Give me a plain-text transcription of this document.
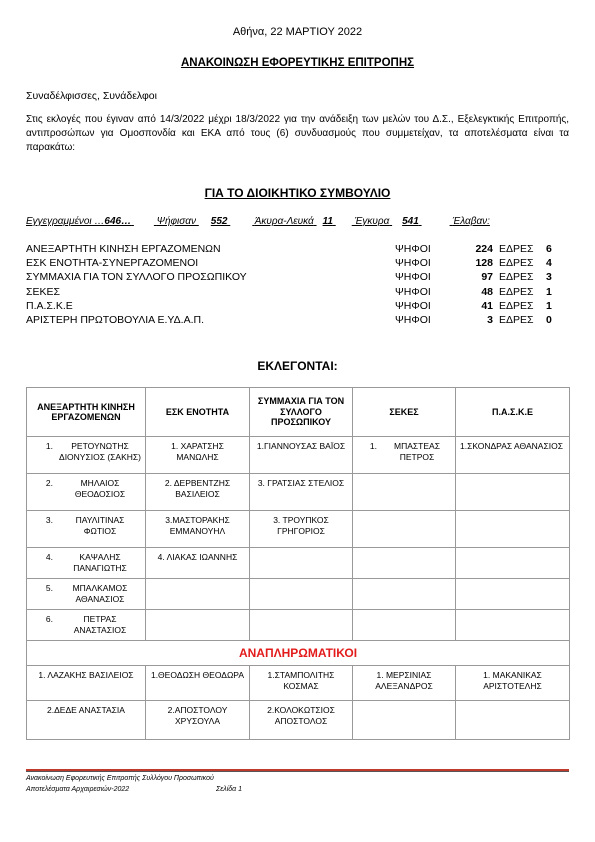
Αθήνα, 22 ΜΑΡΤΙΟΥ 2022
ΑΝΑΚΟΙΝΩΣΗ ΕΦΟΡΕΥΤΙΚΗΣ ΕΠΙΤΡΟΠΗΣ
Συναδέλφισσες, Συνάδελφοι
Στις εκλογές που έγιναν από 14/3/2022 μέχρι 18/3/2022 για την ανάδειξη των μελών του Δ.Σ., Εξελεγκτικής Επιτροπής, αντιπροσώπων για Ομοσπονδία και ΕΚΑ από τους (6) συνδυασμούς που συμμετείχαν, τα αποτελέσματα είναι τα παρακάτω:
ΓΙΑ ΤΟ ΔΙΟΙΚΗΤΙΚΟ ΣΥΜΒΟΥΛΙΟ
Εγγεγραμμένοι …646…	Ψήφισαν 552	Άκυρα-Λευκά 11 Έγκυρα 541	Έλαβαν:
ΑΝΕΞΑΡΤΗΤΗ ΚΙΝΗΣΗ ΕΡΓΑΖΟΜΕΝΩΝ	ΨΗΦΟΙ	224 ΕΔΡΕΣ 6
ΕΣΚ ΕΝΟΤΗΤΑ-ΣΥΝΕΡΓΑΖΟΜΕΝΟΙ	ΨΗΦΟΙ	128 ΕΔΡΕΣ 4
ΣΥΜΜΑΧΙΑ ΓΙΑ ΤΟΝ ΣΥΛΛΟΓΟ ΠΡΟΣΩΠΙΚΟΥ	ΨΗΦΟΙ	97 ΕΔΡΕΣ 3
ΣΕΚΕΣ	ΨΗΦΟΙ	48 ΕΔΡΕΣ 1
Π.Α.Σ.Κ.Ε	ΨΗΦΟΙ	41 ΕΔΡΕΣ 1
ΑΡΙΣΤΕΡΗ ΠΡΩΤΟΒΟΥΛΙΑ Ε.ΥΔ.Α.Π.	ΨΗΦΟΙ	3 ΕΔΡΕΣ 0
ΕΚΛΕΓΟΝΤΑΙ:
ΑΝΕΞΑΡΤΗΤΗ ΚΙΝΗΣΗ ΕΡΓΑΖΟΜΕΝΩΝ	ΕΣΚ ΕΝΟΤΗΤΑ	ΣΥΜΜΑΧΙΑ ΓΙΑ ΤΟΝ ΣΥΛΛΟΓΟ ΠΡΟΣΩΠΙΚΟΥ	ΣΕΚΕΣ	Π.Α.Σ.Κ.Ε

1. ΡΕΤΟΥΝΩΤΗΣ ΔΙΟΝΥΣΙΟΣ (ΣΑΚΗΣ)	1. ΧΑΡΑΤΣΗΣ ΜΑΝΩΛΗΣ	1.ΓΙΑΝΝΟΥΣΑΣ ΒΑΪΟΣ	1. ΜΠΑΣΤΕΑΣ ΠΕΤΡΟΣ	1.ΣΚΟΝΔΡΑΣ ΑΘΑΝΑΣΙΟΣ

2. ΜΗΛΑΙΟΣ ΘΕΟΔΟΣΙΟΣ	2. ΔΕΡΒΕΝΤΖΗΣ ΒΑΣΙΛΕΙΟΣ	3. ΓΡΑΤΣΙΑΣ ΣΤΕΛΙΟΣ		

3. ΠΑΥΛΙΤΙΝΑΣ ΦΩΤΙΟΣ	3.ΜΑΣΤΟΡΑΚΗΣ ΕΜΜΑΝΟΥΗΛ	3. ΤΡΟΥΠΚΟΣ ΓΡΗΓΟΡΙΟΣ		

4. ΚΑΨΑΛΗΣ ΠΑΝΑΓΙΩΤΗΣ	4. ΛΙΑΚΑΣ ΙΩΑΝΝΗΣ			

5. ΜΠΑΛΚΑΜΟΣ ΑΘΑΝΑΣΙΟΣ				

6. ΠΕΤΡΑΣ ΑΝΑΣΤΑΣΙΟΣ				

ΑΝΑΠΛΗΡΩΜΑΤΙΚΟΙ				

1. ΛΑΖΑΚΗΣ ΒΑΣΙΛΕΙΟΣ	1.ΘΕΟΔΩΣΗ ΘΕΟΔΩΡΑ	1.ΣΤΑΜΠΟΛΙΤΗΣ ΚΟΣΜΑΣ	1. ΜΕΡΣΙΝΙΑΣ ΑΛΕΞΑΝΔΡΟΣ	1. ΜΑΚΑΝΙΚΑΣ ΑΡΙΣΤΟΤΕΛΗΣ

2.ΔΕΔΕ ΑΝΑΣΤΑΣΙΑ	2.ΑΠΟΣΤΟΛΟΥ ΧΡΥΣΟΥΛΑ	2.ΚΟΛΟΚΩΤΣΙΟΣ ΑΠΟΣΤΟΛΟΣ		

Ανακοίνωση Εφορευτικής Επιτροπής Συλλόγου Προσωπικού
Αποτελέσματα Αρχαιρεσιών-2022	Σελίδα 1
